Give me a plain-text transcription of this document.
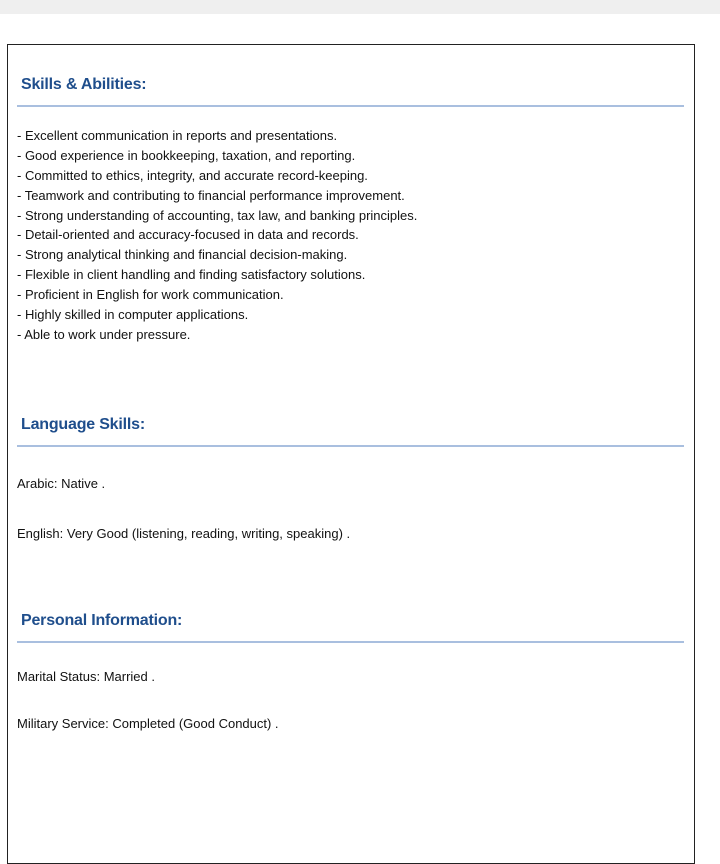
Skills & Abilities:
- Excellent communication in reports and presentations.
- Good experience in bookkeeping, taxation, and reporting.
- Committed to ethics, integrity, and accurate record-keeping.
- Teamwork and contributing to financial performance improvement.
- Strong understanding of accounting, tax law, and banking principles.
- Detail-oriented and accuracy-focused in data and records.
- Strong analytical thinking and financial decision-making.
- Flexible in client handling and finding satisfactory solutions.
- Proficient in English for work communication.
- Highly skilled in computer applications.
- Able to work under pressure.
Language Skills:

Arabic: Native .

English: Very Good (listening, reading, writing, speaking) .

Personal Information:

Marital Status: Married .

Military Service: Completed (Good Conduct) .
